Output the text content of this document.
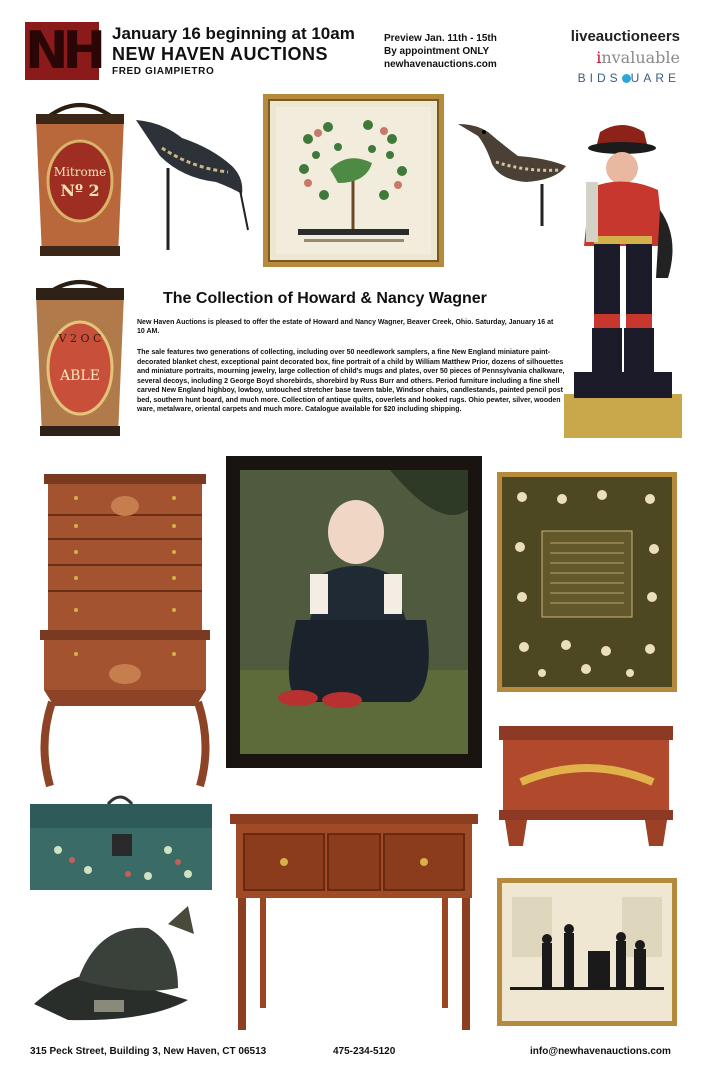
NH January 16 beginning at 10am
NEW HAVEN AUCTIONS
FRED GIAMPIETRO
Preview Jan. 11th - 15th
By appointment ONLY
newhavenauctions.com
liveauctioneers
invaluable
BIDS UARE
Mitrome
Nº 2
V 2 O C
ABLE
The Collection of Howard & Nancy Wagner
New Haven Auctions is pleased to offer the estate of Howard and Nancy Wagner, Beaver Creek, Ohio. Saturday, January 16 at 10 AM.
The sale features two generations of collecting, including over 50 needlework samplers, a fine New England miniature paint-decorated blanket chest, exceptional paint decorated box, fine portrait of a child by William Matthew Prior, dozens of silhouettes and miniature portraits, mourning jewelry, large collection of child's mugs and plates, over 50 pieces of Pennsylvania chalkware, several decoys, including 2 George Boyd shorebirds, shorebird by Russ Burr and others. Period furniture including a fine shell carved New England highboy, lowboy, untouched stretcher base tavern table, Windsor chairs, candlestands, painted pencil post bed, southern hunt board, and much more. Collection of antique quilts, coverlets and hooked rugs. Ohio pewter, silver, wooden ware, metalware, oriental carpets and much more. Catalogue available for $20 including shipping.
315 Peck Street, Building 3, New Haven, CT 06513	475-234-5120	info@newhavenauctions.com
